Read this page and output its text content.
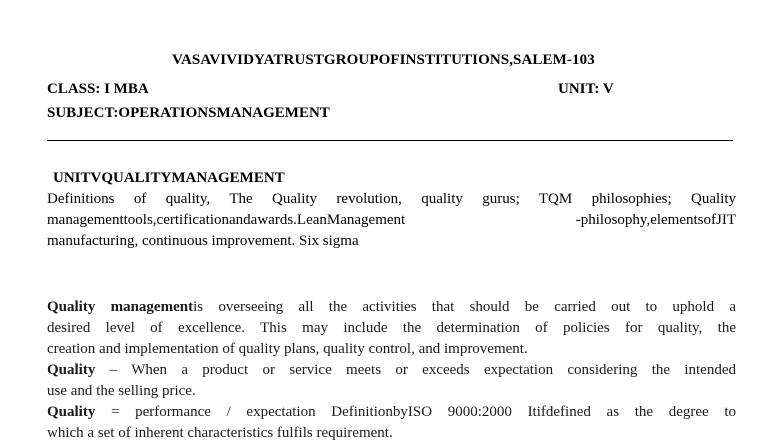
VASAVIVIDYATRUSTGROUPOFINSTITUTIONS,SALEM-103
CLASS: I MBA	UNIT: V
SUBJECT:OPERATIONSMANAGEMENT
UNITVQUALITYMANAGEMENT
Definitions of quality, The Quality revolution, quality gurus; TQM philosophies; Quality
managementtools,certificationandawards.LeanManagement	-philosophy,elementsofJIT
manufacturing, continuous improvement. Six sigma
Quality managementis overseeing all the activities that should be carried out to uphold a
desired level of excellence. This may include the determination of policies for quality, the
creation and implementation of quality plans, quality control, and improvement.
Quality – When a product or service meets or exceeds expectation considering the intended
use and the selling price.
Quality = performance / expectation DefinitionbyISO 9000:2000 Itifdefined as the degree to
which a set of inherent characteristics fulfils requirement.
